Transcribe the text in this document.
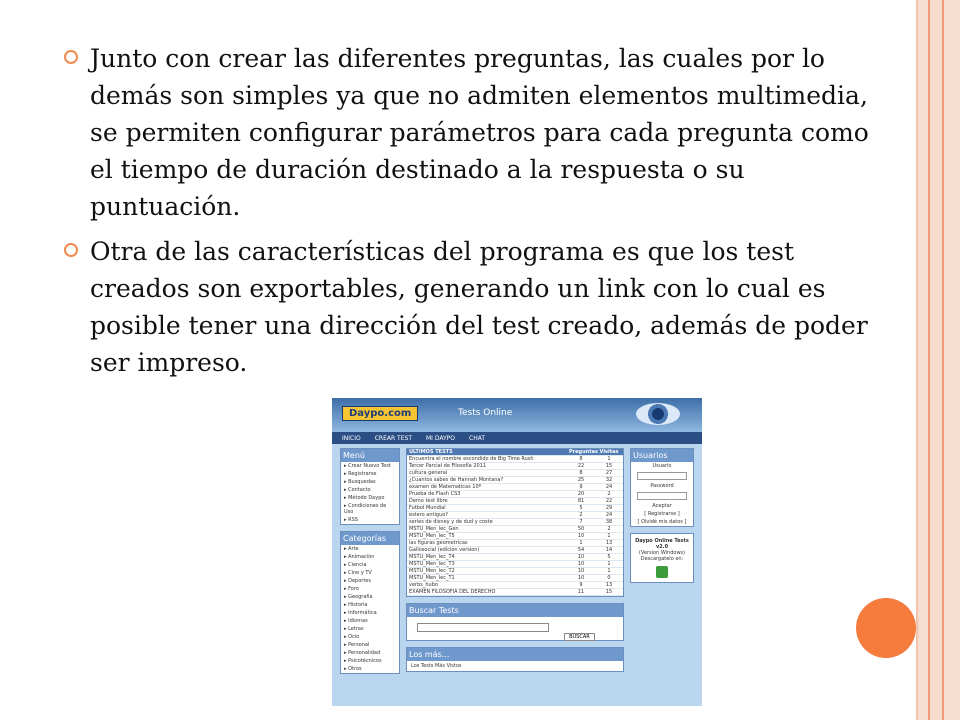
Junto con crear las diferentes preguntas, las cuales por lo demás son simples ya que no admiten elementos multimedia, se permiten configurar parámetros para cada pregunta como el tiempo de duración destinado a la respuesta o su puntuación.
Otra de las características del programa es que los test creados son exportables, generando un link con lo cual es posible tener una dirección del test creado, además de poder ser impreso.
Daypo.com	Tests Online
INICIO CREAR TEST MI DAYPO CHAT
Menú
▸ Crear Nuevo Test
▸ Registrarse
▸ Busquedas
▸ Contacto
▸ Método Daypo
▸ Condiciones de Uso
▸ RSS
Categorías
▸ Arte
▸ Animación
▸ Ciencia
▸ Cine y TV
▸ Deportes
▸ Foro
▸ Geografía
▸ Historia
▸ Informática
▸ Idiomas
▸ Letras
▸ Ocio
▸ Personal
▸ Personalidad
▸ Psicotécnicos
▸ Otros
ULTIMOS TESTS	Preguntas Visitas
Encuentra el nombre escondido de Big Time Rush	8	1
Tercer Parcial de Filosofía 2011	22	15
cultura general	8	27
¿Cuantos sabes de Hannah Montana?	25	32
examen de Matematicas 10º	9	24
Prueba de Flash CS3	20	2
Demo test libre	81	22
Futbol Mundial	5	29
estero antiguo?	2	24
series de disney y de dud y coste	7	38
MSTU_Men_lec_Gen	50	2
MSTU_Men_lec_T5	10	1
las figuras geometricas	1	13
Gallosocial (edicion version)	54	14
MSTU_Men_lec_T4	10	5
MSTU_Men_lec_T3	10	1
MSTU_Men_lec_T2	10	1
MSTU_Men_lec_T1	10	0
verbs_hubo	9	13
EXAMEN FILOSOFIA DEL DERECHO	11	15
Buscar Tests
BUSCAR
Los más...
Los Tests Más Vistos
Usuarios
Usuario
Password
Aceptar
[ Registrarse ]
[ Olvidé mis datos ]
Daypo Online Tests v2.0
(Version Windows)
Descargatelo en:
